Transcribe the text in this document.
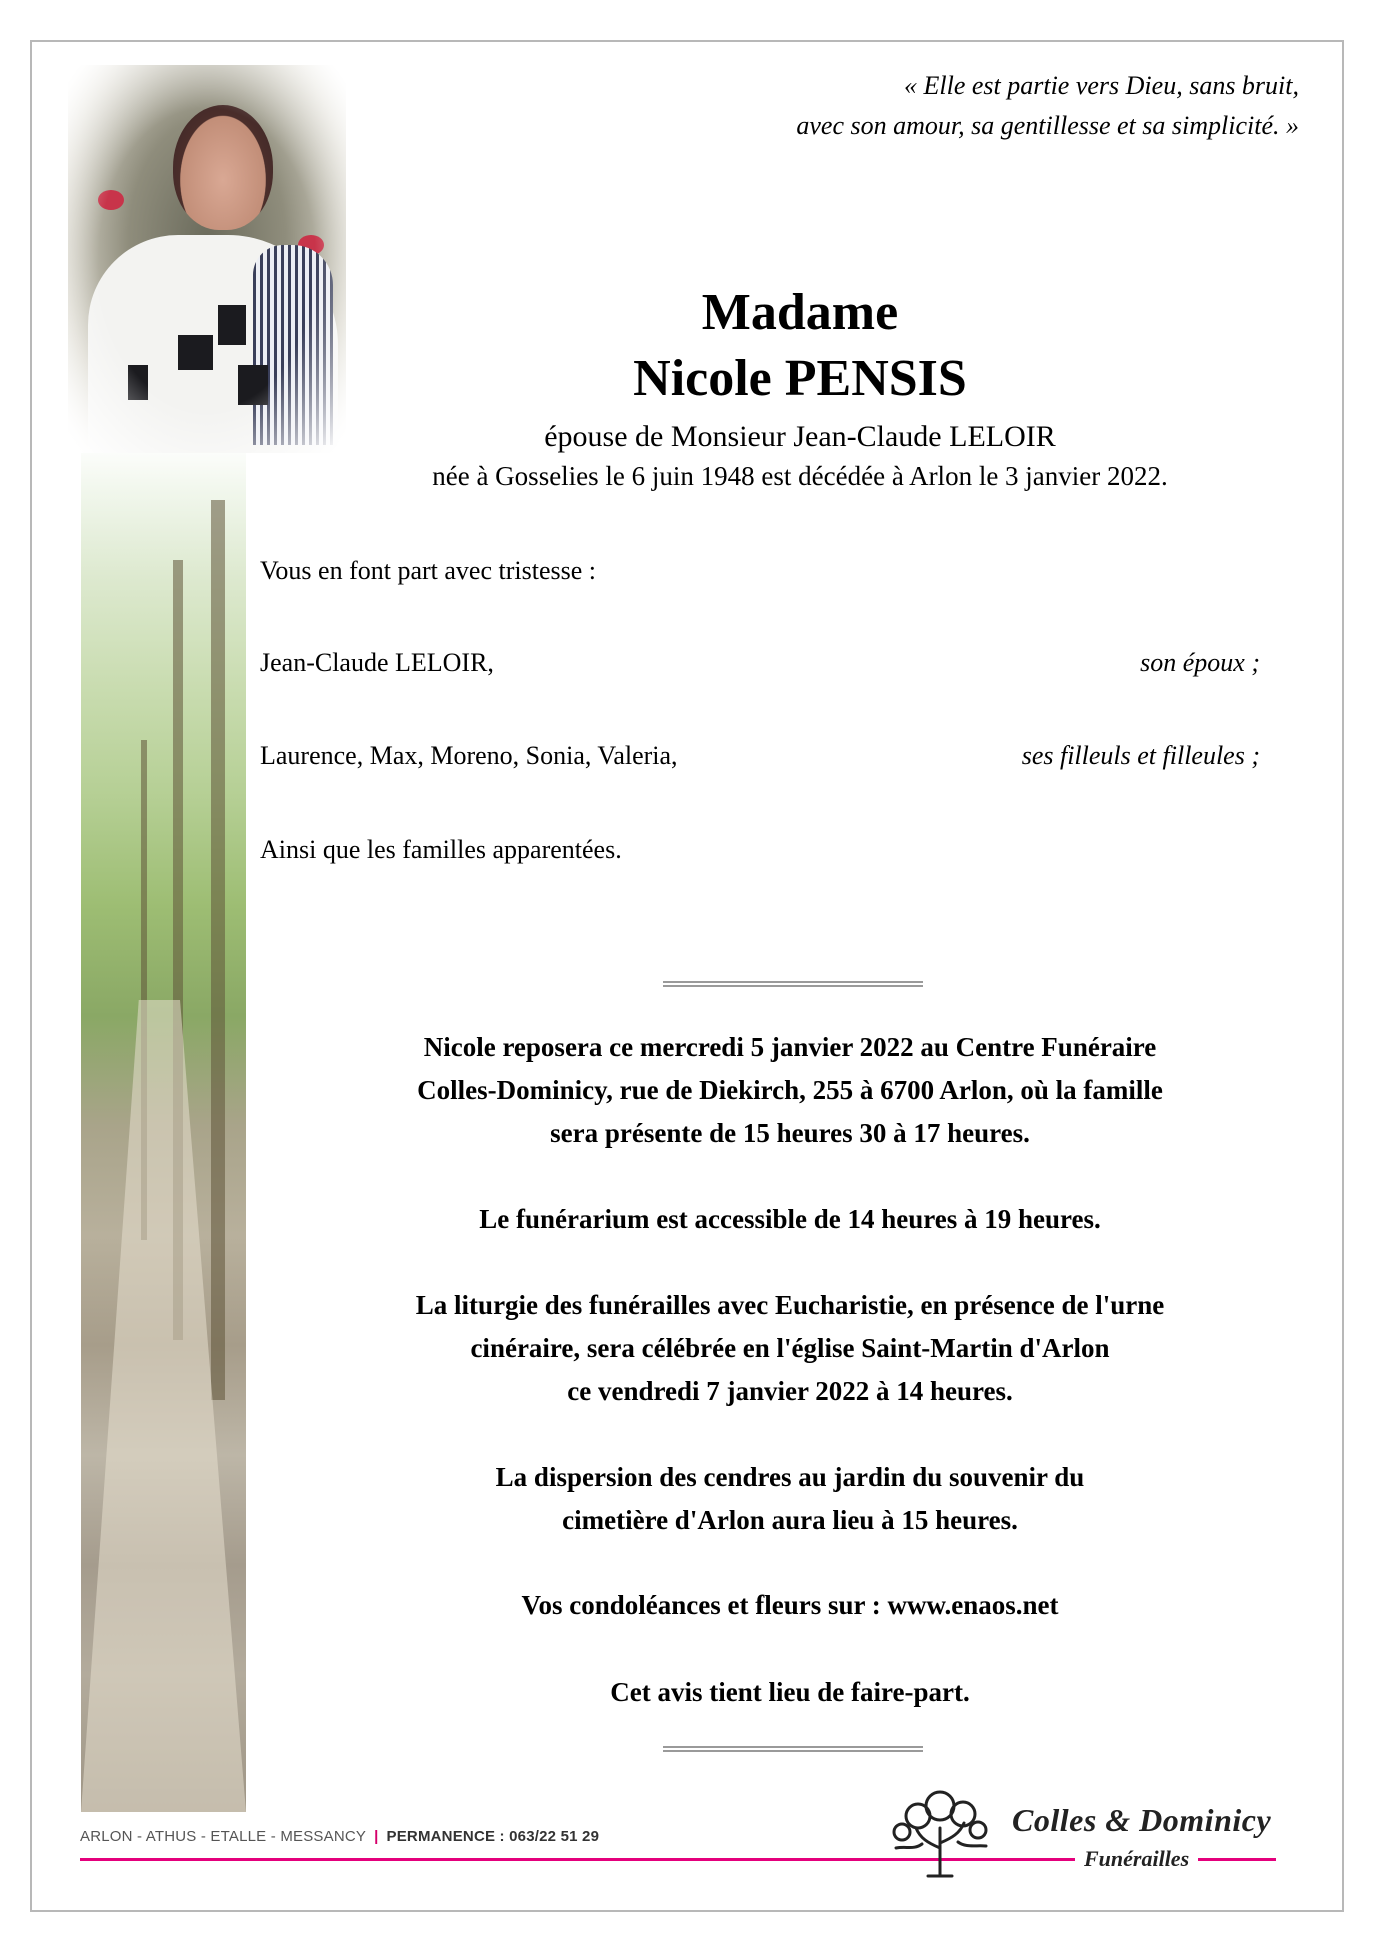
« Elle est partie vers Dieu, sans bruit,
avec son amour, sa gentillesse et sa simplicité. »
Madame
Nicole PENSIS
épouse de Monsieur Jean-Claude LELOIR
née à Gosselies le 6 juin 1948 est décédée à Arlon le 3 janvier 2022.
Vous en font part avec tristesse :
Jean-Claude LELOIR,	son époux ;
Laurence, Max, Moreno, Sonia, Valeria,	ses filleuls et filleules ;
Ainsi que les familles apparentées.
Nicole reposera ce mercredi 5 janvier 2022 au Centre Funéraire
Colles-Dominicy, rue de Diekirch, 255 à 6700 Arlon, où la famille
sera présente de 15 heures 30 à 17 heures.
Le funérarium est accessible de 14 heures à 19 heures.
La liturgie des funérailles avec Eucharistie, en présence de l'urne
cinéraire, sera célébrée en l'église Saint-Martin d'Arlon
ce vendredi 7 janvier 2022 à 14 heures.
La dispersion des cendres au jardin du souvenir du
cimetière d'Arlon aura lieu à 15 heures.
Vos condoléances et fleurs sur : www.enaos.net
Cet avis tient lieu de faire-part.
ARLON - ATHUS - ETALLE - MESSANCY | PERMANENCE : 063/22 51 29	Colles & Dominicy
Funérailles
